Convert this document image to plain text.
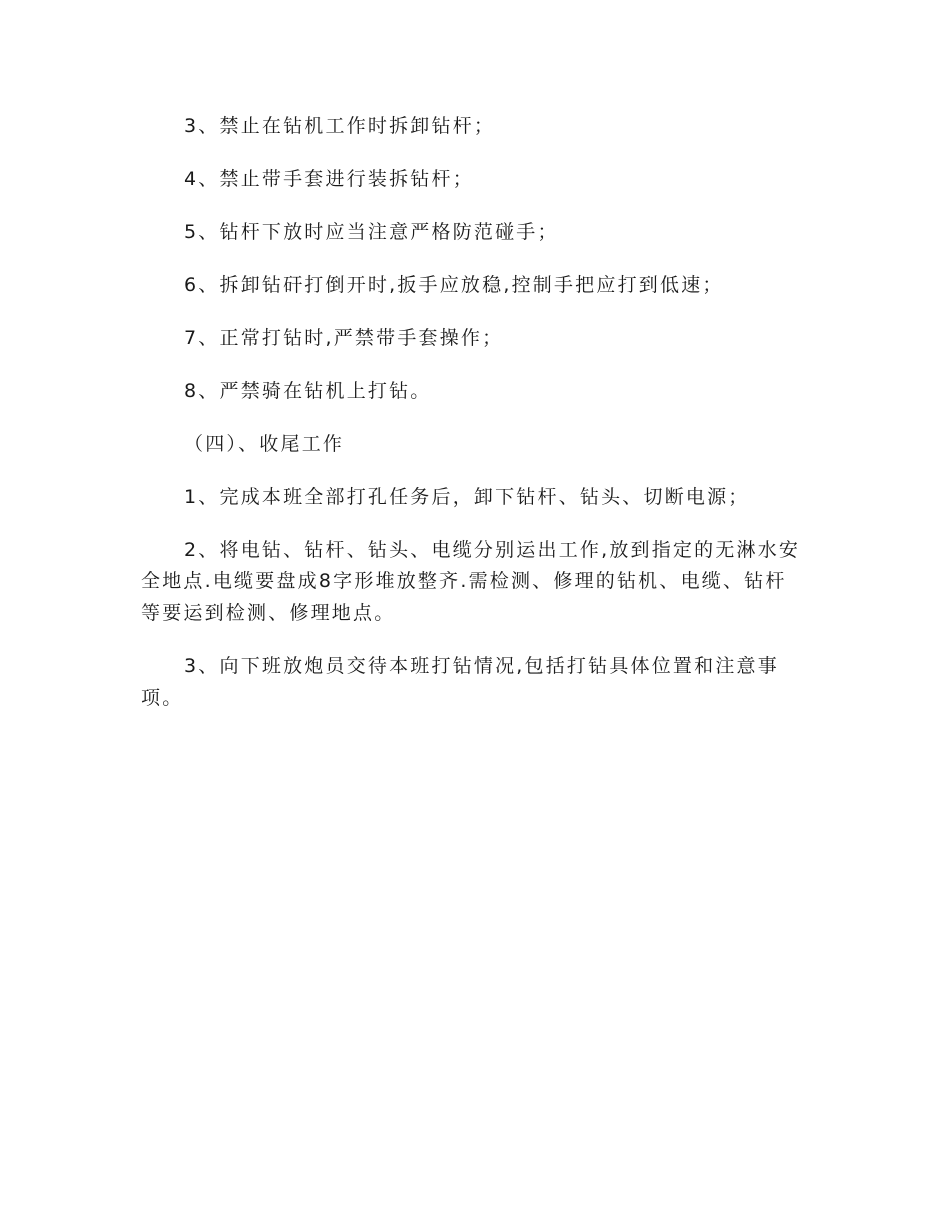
3、禁止在钻机工作时拆卸钻杆；

4、禁止带手套进行装拆钻杆；

5、钻杆下放时应当注意严格防范碰手；

6、拆卸钻矸打倒开时,扳手应放稳,控制手把应打到低速；

7、正常打钻时,严禁带手套操作；

8、严禁骑在钻机上打钻。

（四）、收尾工作

1、完成本班全部打孔任务后，卸下钻杆、钻头、切断电源；

2、将电钻、钻杆、钻头、电缆分别运出工作,放到指定的无淋水安全地点.电缆要盘成8字形堆放整齐.需检测、修理的钻机、电缆、钻杆等要运到检测、修理地点。

3、向下班放炮员交待本班打钻情况,包括打钻具体位置和注意事项。
